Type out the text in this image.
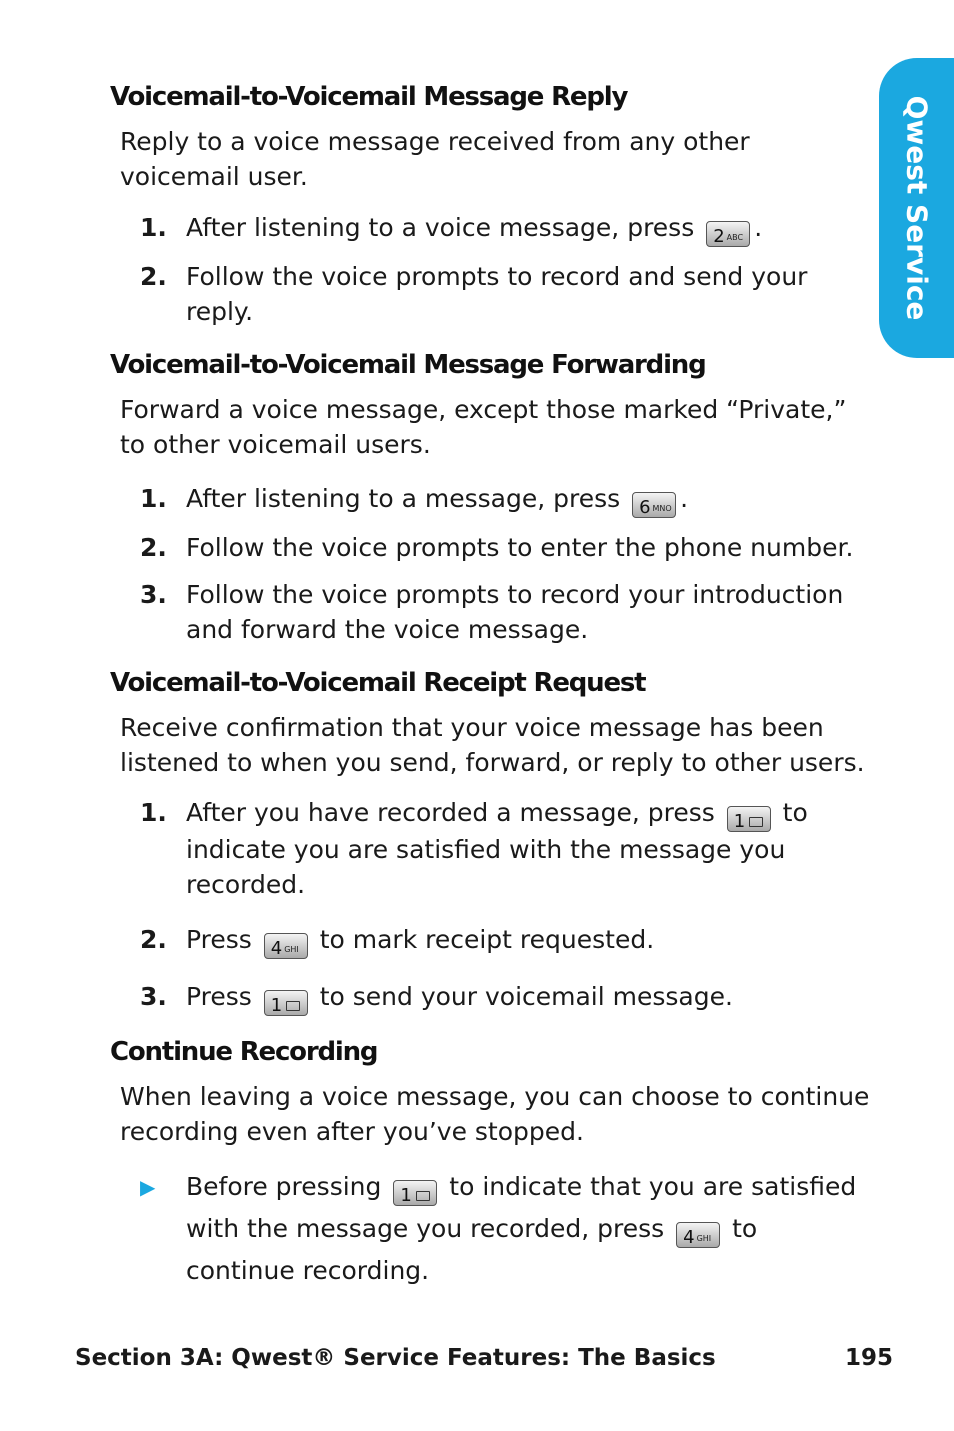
Qwest Service
Voicemail-to-Voicemail Message Reply

Reply to a voice message received from any other voicemail user.

1. After listening to a voice message, press 2 ABC .
2. Follow the voice prompts to record and send your reply.
Voicemail-to-Voicemail Message Forwarding

Forward a voice message, except those marked “Private,” to other voicemail users.

1. After listening to a message, press 6 MNO .
2. Follow the voice prompts to enter the phone number.
3. Follow the voice prompts to record your introduction and forward the voice message.
Voicemail-to-Voicemail Receipt Request

Receive confirmation that your voice message has been listened to when you send, forward, or reply to other users.

1. After you have recorded a message, press 1 to indicate you are satisfied with the message you recorded.
2. Press 4 GHI to mark receipt requested.
3. Press 1 to send your voicemail message.
Continue Recording

When leaving a voice message, you can choose to continue recording even after you’ve stopped.

▶ Before pressing 1 to indicate that you are satisfied with the message you recorded, press 4 GHI to continue recording.
Section 3A: Qwest® Service Features: The Basics	195
